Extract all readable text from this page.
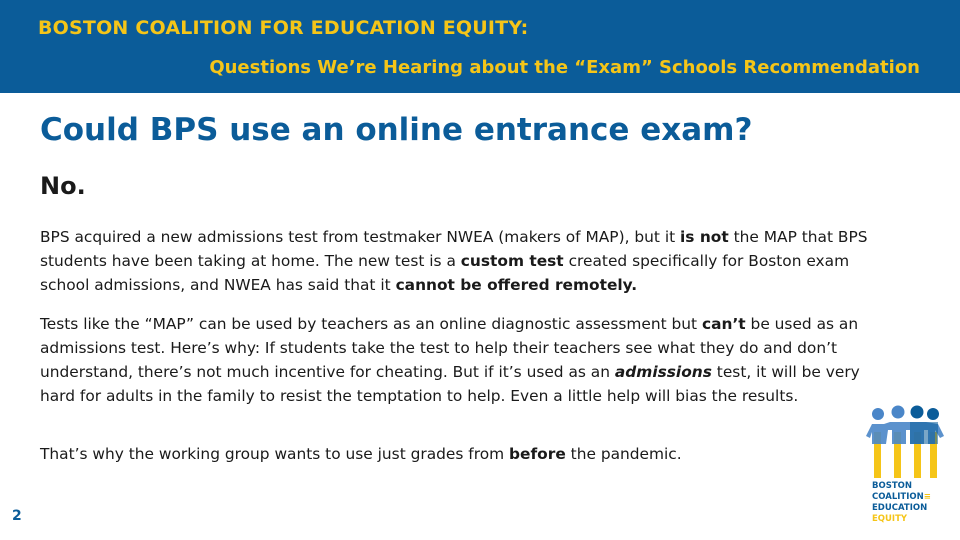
BOSTON COALITION FOR EDUCATION EQUITY:
Questions We’re Hearing about the “Exam” Schools Recommendation
Could BPS use an online entrance exam?
No.

BPS acquired a new admissions test from testmaker NWEA (makers of MAP), but it is not the MAP that BPS students have been taking at home. The new test is a custom test created specifically for Boston exam school admissions, and NWEA has said that it cannot be offered remotely.

Tests like the “MAP” can be used by teachers as an online diagnostic assessment but can’t be used as an admissions test. Here’s why: If students take the test to help their teachers see what they do and don’t understand, there’s not much incentive for cheating. But if it’s used as an admissions test, it will be very hard for adults in the family to resist the temptation to help. Even a little help will bias the results.

That’s why the working group wants to use just grades from before the pandemic.

2
BOSTON
COALITION≡
EDUCATION
EQUITY
